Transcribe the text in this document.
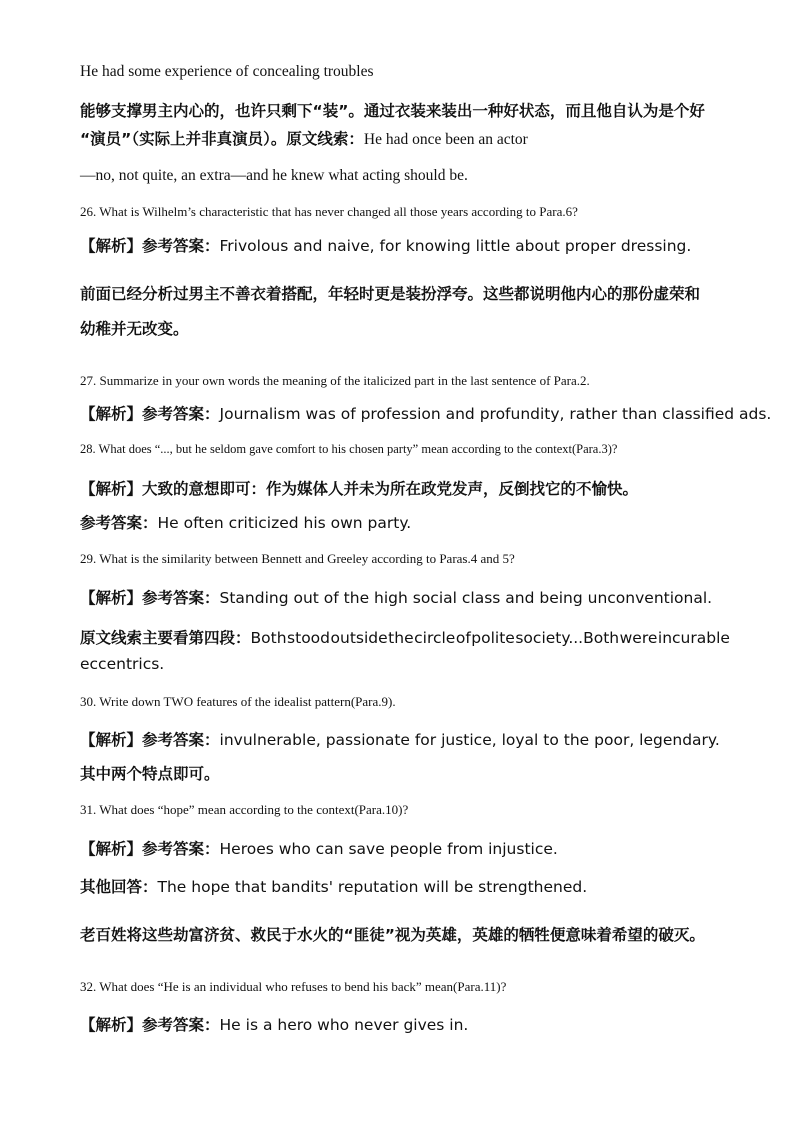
He had some experience of concealing troubles
能够支撑男主内心的，也许只剩下“装”。通过衣装来装出一种好状态，而且他自认为是个好
“演员”（实际上并非真演员）。原文线索：He had once been an actor
—no, not quite, an extra—and he knew what acting should be.
26. What is Wilhelm’s characteristic that has never changed all those years according to Para.6?
【解析】参考答案：Frivolous and naive, for knowing little about proper dressing.
前面已经分析过男主不善衣着搭配，年轻时更是装扮浮夸。这些都说明他内心的那份虚荣和
幼稚并无改变。
27. Summarize in your own words the meaning of the italicized part in the last sentence of Para.2.
【解析】参考答案：Journalism was of profession and profundity, rather than classified ads.
28. What does “..., but he seldom gave comfort to his chosen party” mean according to the context(Para.3)?
【解析】大致的意想即可：作为媒体人并未为所在政党发声，反倒找它的不愉快。
参考答案：He often criticized his own party.
29. What is the similarity between Bennett and Greeley according to Paras.4 and 5?
【解析】参考答案：Standing out of the high social class and being unconventional.
原文线索主要看第四段：Both stood outside the circle of polite society...Both were incurable
eccentrics.
30. Write down TWO features of the idealist pattern(Para.9).
【解析】参考答案：invulnerable, passionate for justice, loyal to the poor, legendary.
其中两个特点即可。
31. What does “hope” mean according to the context(Para.10)?
【解析】参考答案：Heroes who can save people from injustice.
其他回答：The hope that bandits' reputation will be strengthened.
老百姓将这些劫富济贫、救民于水火的“匪徒”视为英雄，英雄的牺牲便意味着希望的破灭。
32. What does “He is an individual who refuses to bend his back” mean(Para.11)?
【解析】参考答案：He is a hero who never gives in.
